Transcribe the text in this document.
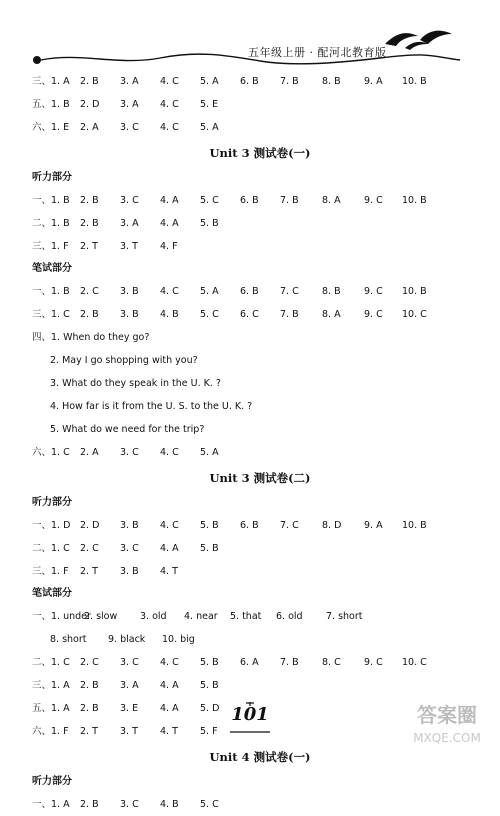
五年级上册 · 配河北教育版
三、1. A 2. B 3. A 4. C 5. A 6. B 7. B 8. B 9. A 10. B
五、1. B 2. D 3. A 4. C 5. E
六、1. E 2. A 3. C 4. C 5. A
Unit 3 测试卷(一)
听力部分
一、1. B 2. B 3. C 4. A 5. C 6. B 7. B 8. A 9. C 10. B
二、1. B 2. B 3. A 4. A 5. B
三、1. F 2. T 3. T 4. F
笔试部分
一、1. B 2. C 3. B 4. C 5. A 6. B 7. C 8. B 9. C 10. B
三、1. C 2. B 3. B 4. B 5. C 6. C 7. B 8. A 9. C 10. C
四、1. When do they go?
2. May I go shopping with you?
3. What do they speak in the U. K. ?
4. How far is it from the U. S. to the U. K. ?
5. What do we need for the trip?
六、1. C 2. A 3. C 4. C 5. A
Unit 3 测试卷(二)
听力部分
一、1. D 2. D 3. B 4. C 5. B 6. B 7. C 8. D 9. A 10. B
二、1. C 2. C 3. C 4. A 5. B
三、1. F 2. T 3. B 4. T
笔试部分
一、1. under
2. slow 3. old 4. near 5. that 6. old 7. short
8. short 9. black 10. big
二、1. C 2. C 3. C 4. C 5. B 6. A 7. B 8. C 9. C 10. C
三、1. A 2. B 3. A 4. A 5. B
五、1. A 2. B 3. E 4. A 5. D
六、1. F 2. T 3. T 4. T 5. F
Unit 4 测试卷(一)
听力部分
一、1. A 2. B 3. C 4. B 5. C
101	答案圈
MXQE.COM
